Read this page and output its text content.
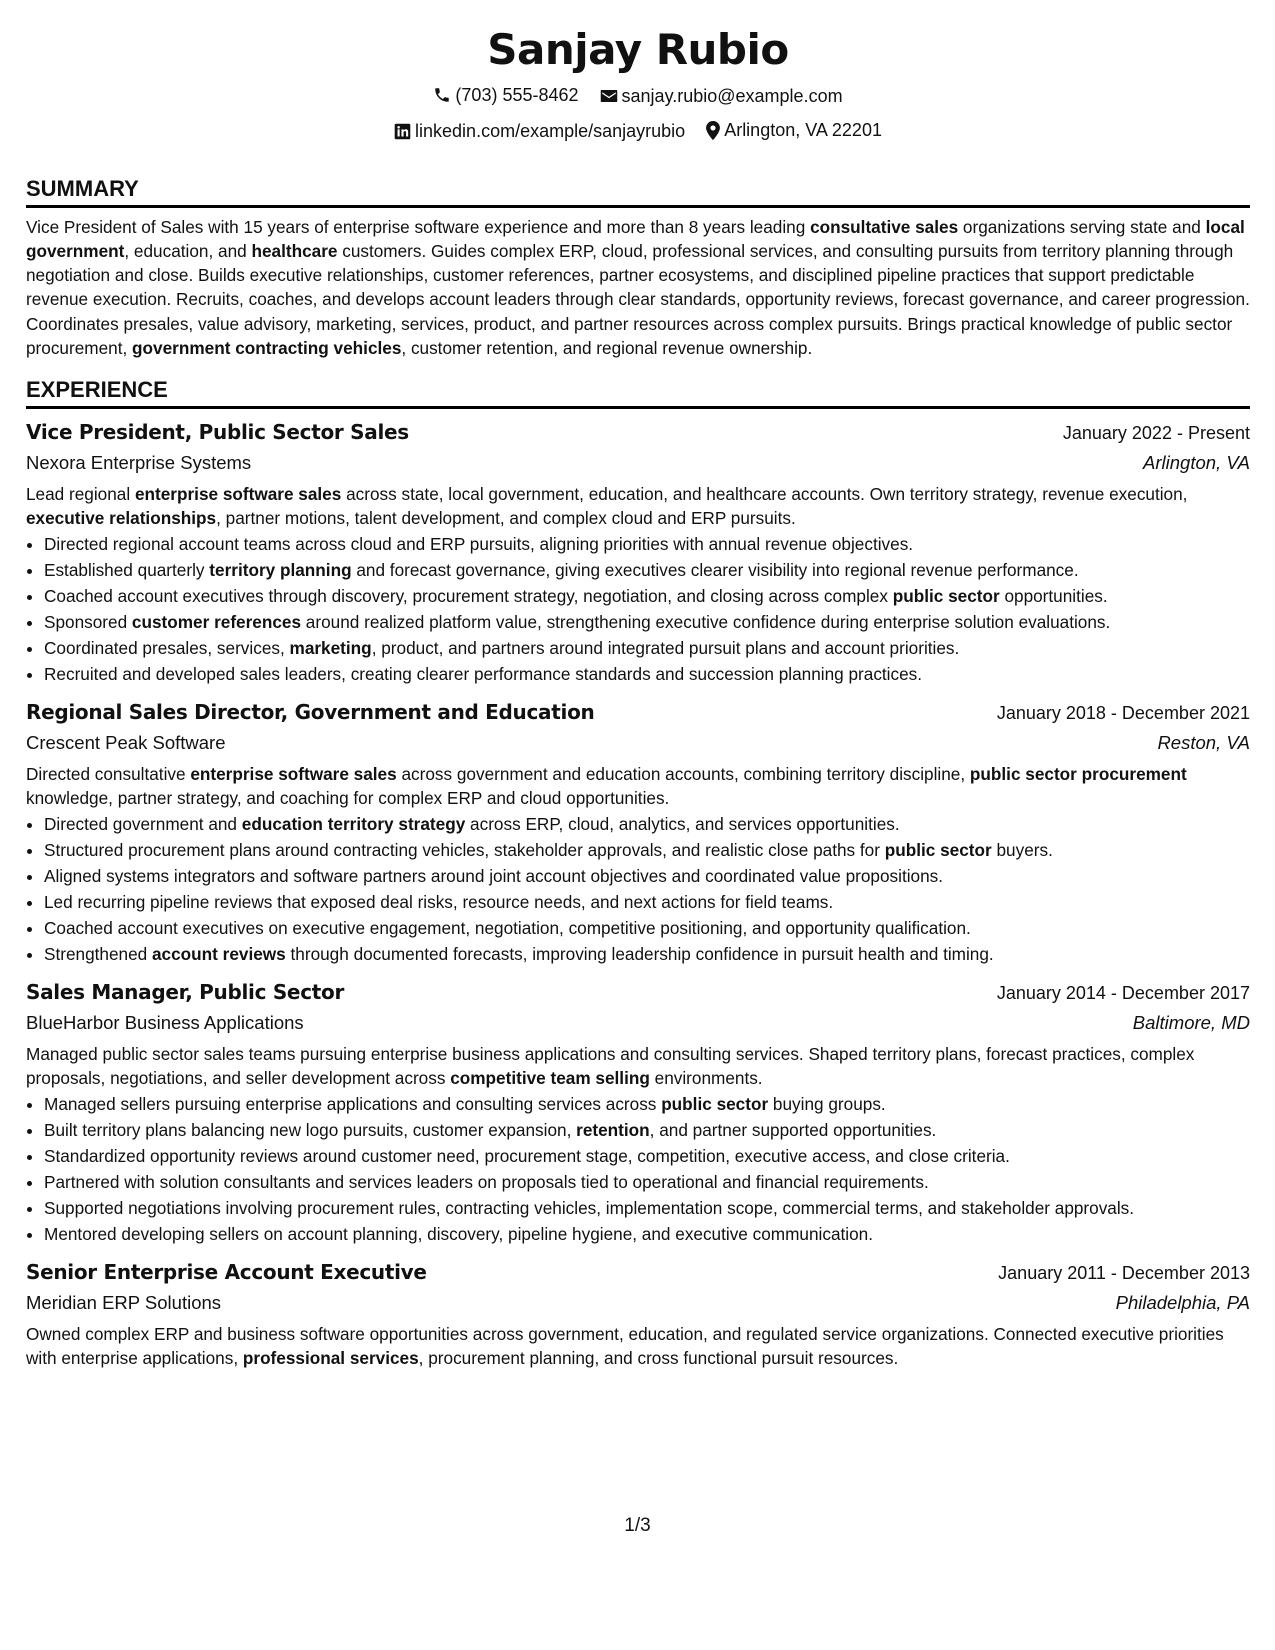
Sanjay Rubio
(703) 555-8462
sanjay.rubio@example.com
linkedin.com/example/sanjayrubio
Arlington, VA 22201
SUMMARY
Vice President of Sales with 15 years of enterprise software experience and more than 8 years leading consultative sales organizations serving state and local government, education, and healthcare customers. Guides complex ERP, cloud, professional services, and consulting pursuits from territory planning through negotiation and close. Builds executive relationships, customer references, partner ecosystems, and disciplined pipeline practices that support predictable revenue execution. Recruits, coaches, and develops account leaders through clear standards, opportunity reviews, forecast governance, and career progression. Coordinates presales, value advisory, marketing, services, product, and partner resources across complex pursuits. Brings practical knowledge of public sector procurement, government contracting vehicles, customer retention, and regional revenue ownership.
EXPERIENCE
Vice President, Public Sector Sales	January 2022 - Present
Nexora Enterprise Systems	Arlington, VA
Lead regional enterprise software sales across state, local government, education, and healthcare accounts. Own territory strategy, revenue execution, executive relationships, partner motions, talent development, and complex cloud and ERP pursuits.
• Directed regional account teams across cloud and ERP pursuits, aligning priorities with annual revenue objectives.
• Established quarterly territory planning and forecast governance, giving executives clearer visibility into regional revenue performance.
• Coached account executives through discovery, procurement strategy, negotiation, and closing across complex public sector opportunities.
• Sponsored customer references around realized platform value, strengthening executive confidence during enterprise solution evaluations.
• Coordinated presales, services, marketing, product, and partners around integrated pursuit plans and account priorities.
• Recruited and developed sales leaders, creating clearer performance standards and succession planning practices.
Regional Sales Director, Government and Education	January 2018 - December 2021
Crescent Peak Software	Reston, VA
Directed consultative enterprise software sales across government and education accounts, combining territory discipline, public sector procurement knowledge, partner strategy, and coaching for complex ERP and cloud opportunities.
• Directed government and education territory strategy across ERP, cloud, analytics, and services opportunities.
• Structured procurement plans around contracting vehicles, stakeholder approvals, and realistic close paths for public sector buyers.
• Aligned systems integrators and software partners around joint account objectives and coordinated value propositions.
• Led recurring pipeline reviews that exposed deal risks, resource needs, and next actions for field teams.
• Coached account executives on executive engagement, negotiation, competitive positioning, and opportunity qualification.
• Strengthened account reviews through documented forecasts, improving leadership confidence in pursuit health and timing.
Sales Manager, Public Sector	January 2014 - December 2017
BlueHarbor Business Applications	Baltimore, MD
Managed public sector sales teams pursuing enterprise business applications and consulting services. Shaped territory plans, forecast practices, complex proposals, negotiations, and seller development across competitive team selling environments.
• Managed sellers pursuing enterprise applications and consulting services across public sector buying groups.
• Built territory plans balancing new logo pursuits, customer expansion, retention, and partner supported opportunities.
• Standardized opportunity reviews around customer need, procurement stage, competition, executive access, and close criteria.
• Partnered with solution consultants and services leaders on proposals tied to operational and financial requirements.
• Supported negotiations involving procurement rules, contracting vehicles, implementation scope, commercial terms, and stakeholder approvals.
• Mentored developing sellers on account planning, discovery, pipeline hygiene, and executive communication.
Senior Enterprise Account Executive	January 2011 - December 2013
Meridian ERP Solutions	Philadelphia, PA
Owned complex ERP and business software opportunities across government, education, and regulated service organizations. Connected executive priorities with enterprise applications, professional services, procurement planning, and cross functional pursuit resources.
1/3
